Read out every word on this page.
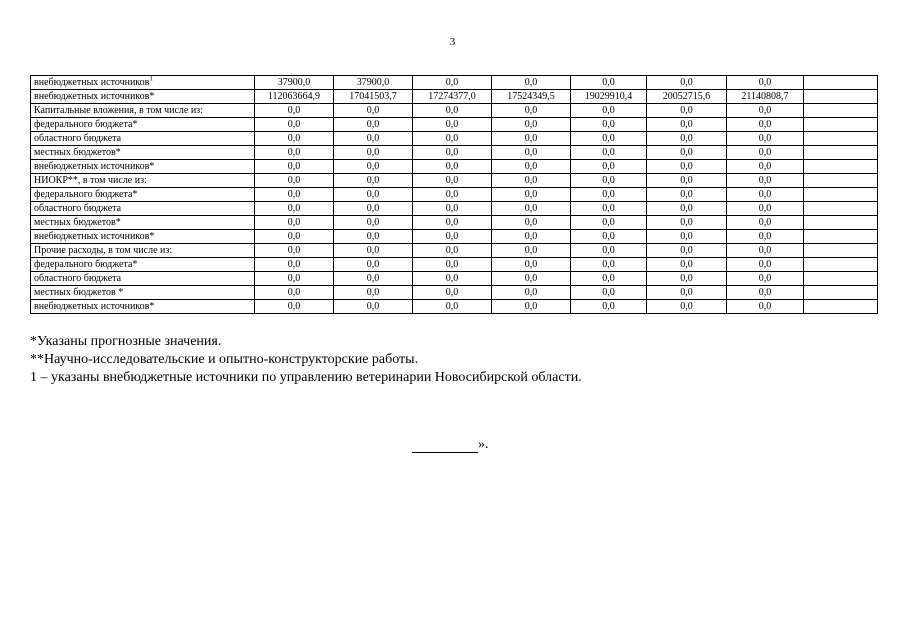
3
внебюджетных источников$^1$	37900,0	37900,0	0,0	0,0	0,0	0,0	0,0	
внебюджетных источников*	112063664,9	17041503,7	17274377,0	17524349,5	19029910,4	20052715,6	21140808,7	
Капитальные вложения, в том числе из:	0,0	0,0	0,0	0,0	0,0	0,0	0,0	
федерального бюджета*	0,0	0,0	0,0	0,0	0,0	0,0	0,0	
областного бюджета	0,0	0,0	0,0	0,0	0,0	0,0	0,0	
местных бюджетов*	0,0	0,0	0,0	0,0	0,0	0,0	0,0	
внебюджетных источников*	0,0	0,0	0,0	0,0	0,0	0,0	0,0	
НИОКР**, в том числе из:	0,0	0,0	0,0	0,0	0,0	0,0	0,0	
федерального бюджета*	0,0	0,0	0,0	0,0	0,0	0,0	0,0	
областного бюджета	0,0	0,0	0,0	0,0	0,0	0,0	0,0	
местных бюджетов*	0,0	0,0	0,0	0,0	0,0	0,0	0,0	
внебюджетных источников*	0,0	0,0	0,0	0,0	0,0	0,0	0,0	
Прочие расходы, в том числе из:	0,0	0,0	0,0	0,0	0,0	0,0	0,0	
федерального бюджета*	0,0	0,0	0,0	0,0	0,0	0,0	0,0	
областного бюджета	0,0	0,0	0,0	0,0	0,0	0,0	0,0	
местных бюджетов *	0,0	0,0	0,0	0,0	0,0	0,0	0,0	
внебюджетных источников*	0,0	0,0	0,0	0,0	0,0	0,0	0,0	

*Указаны прогнозные значения.

**Научно-исследовательские и опытно-конструкторские работы.

1 – указаны внебюджетные источники по управлению ветеринарии Новосибирской области.

».
